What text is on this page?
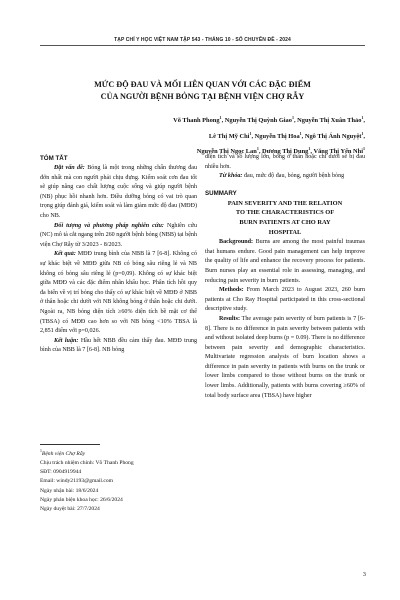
TẠP CHÍ Y HỌC VIỆT NAM TẬP 543 - THÁNG 10 - SỐ CHUYÊN ĐỀ - 2024
MỨC ĐỘ ĐAU VÀ MỐI LIÊN QUAN VỚI CÁC ĐẶC ĐIỂM
CỦA NGƯỜI BỆNH BỎNG TẠI BỆNH VIỆN CHỢ RẪY
Võ Thanh Phong$^1$, Nguyễn Thị Quỳnh Giao$^1$, Nguyễn Thị Xuân Thảo$^1$,
Lê Thị Mỹ Chi$^1$, Nguyễn Thị Hoa$^1$, Ngô Thị Ánh Nguyệt$^1$,
Nguyễn Thị Ngọc Lan$^1$, Dương Thị Dung$^1$, Văng Thị Yến Nhi$^1$

TÓM TẮT

Đặt vấn đề: Bỏng là một trong những chấn thương đau đớn nhất mà con người phải chịu đựng. Kiểm soát cơn đau tốt sẽ giúp nâng cao chất lượng cuộc sống và giúp người bệnh (NB) phục hồi nhanh hơn. Điều dưỡng bỏng có vai trò quan trọng giúp đánh giá, kiểm soát và làm giảm mức độ đau (MĐĐ) cho NB.

Đối tượng và phương pháp nghiên cứu: Nghiên cứu (NC) mô tả cắt ngang trên 260 người bệnh bỏng (NBB) tại bệnh viện Chợ Rẫy từ 3/2023 - 8/2023.

Kết quả: MĐĐ trung bình của NBB là 7 [6-8]. Không có sự khác biệt về MĐĐ giữa NB có bỏng sâu riêng lẻ và NB không có bỏng sâu riêng lẻ (p=0,09). Không có sự khác biệt giữa MĐĐ và các đặc điểm nhân khẩu học. Phân tích hồi quy đa biến về vị trí bỏng cho thấy có sự khác biệt về MĐĐ ở NBB ở thân hoặc chi dưới với NB không bỏng ở thân hoặc chi dưới. Ngoài ra, NB bỏng diện tích ≥60% diện tích bề mặt cơ thể (TBSA) có MĐĐ cao hơn so với NB bỏng <10% TBSA là 2,851 điểm với p=0,026.

Kết luận: Hầu hết NBB đều cảm thấy đau. MĐĐ trung bình của NBB là 7 [6-8]. NB bỏng

$^1$Bệnh viện Chợ Rẫy

Chịu trách nhiệm chính: Võ Thanh Phong

SĐT: 0904919944

Email: windy21193@gmail.com

Ngày nhận bài: 18/6/2024

Ngày phản biện khoa học: 26/6/2024

Ngày duyệt bài: 27/7/2024

diện tích và số lượng lớn, bỏng ở thân hoặc chi dưới sẽ bị đau nhiều hơn.

Từ khóa: đau, mức độ đau, bỏng, người bệnh bỏng

SUMMARY

PAIN SEVERITY AND THE RELATION
TO THE CHARACTERISTICS OF
BURN PATIENTS AT CHO RAY
HOSPITAL

Background: Burns are among the most painful traumas that humans endure. Good pain management can help improve the quality of life and enhance the recovery process for patients. Burn nurses play an essential role in assessing, managing, and reducing pain severity in burn patients.

Methods: From March 2023 to August 2023, 260 burn patients at Cho Ray Hospital participated in this cross-sectional descriptive study.

Results: The average pain severity of burn patients is 7 [6-8]. There is no difference in pain severity between patients with and without isolated deep burns (p = 0.09). There is no difference between pain severity and demographic characteristics. Multivariate regression analysis of burn location shows a difference in pain severity in patients with burns on the trunk or lower limbs compared to those without burns on the trunk or lower limbs. Additionally, patients with burns covering ≥60% of total body surface area (TBSA) have higher

3
